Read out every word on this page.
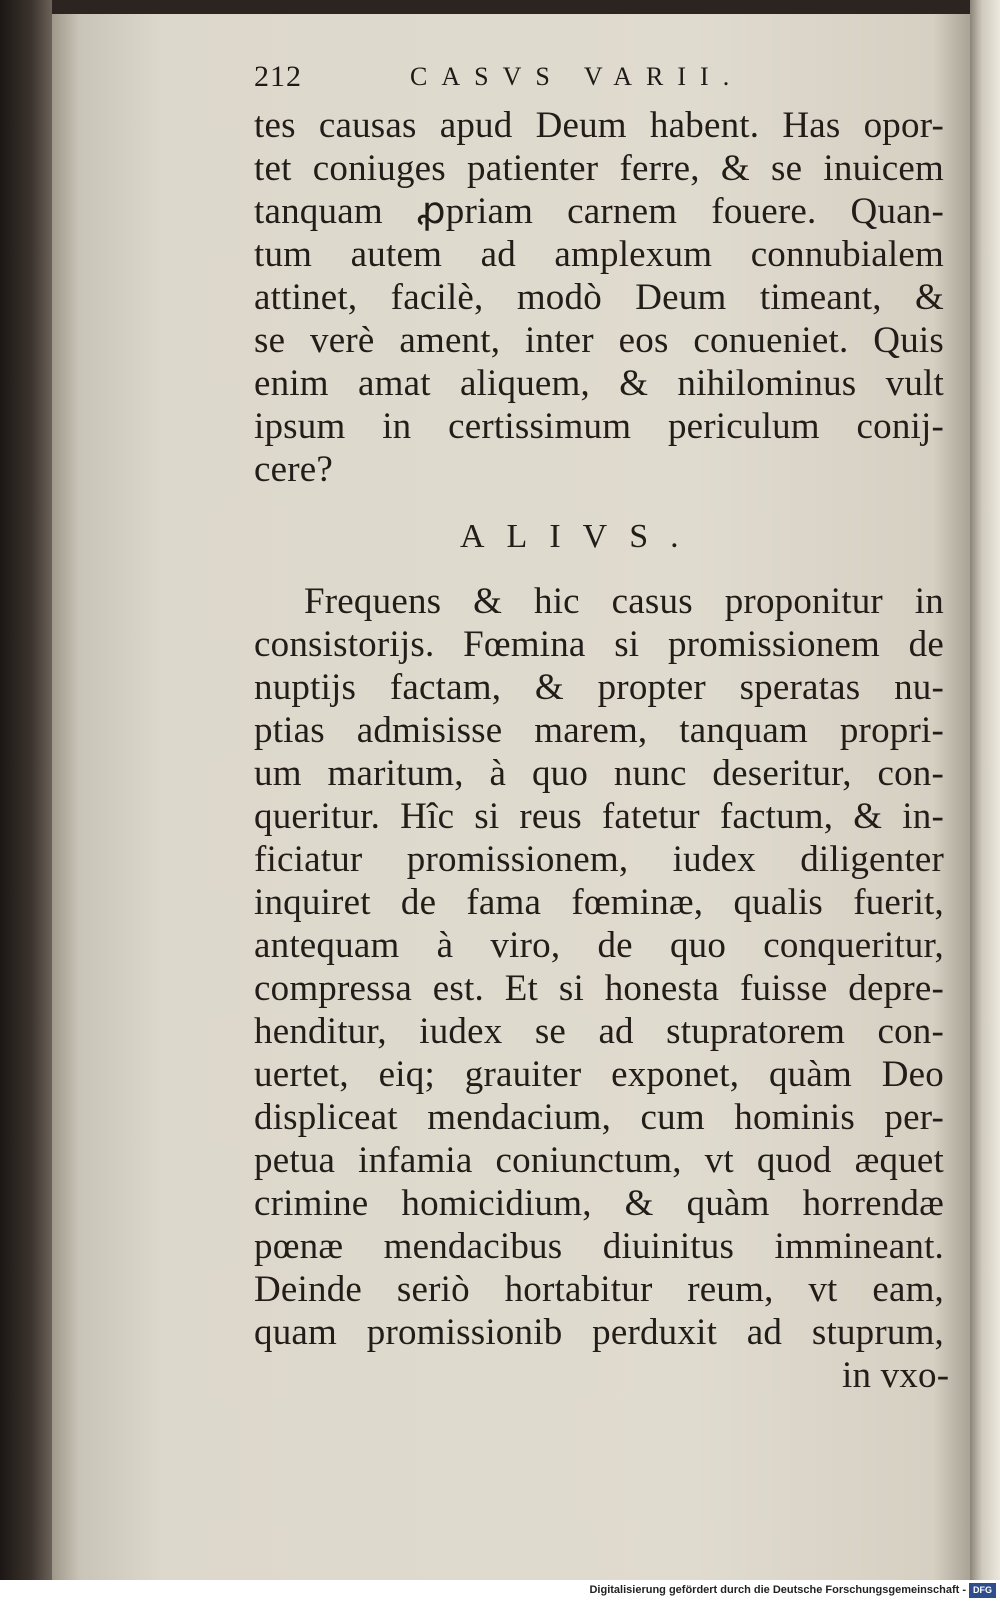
212	CASVS VARII.
tes causas apud Deum habent. Has opor-
tet coniuges patienter ferre, & se inuicem
tanquam ꝓpriam carnem fouere. Quan-
tum autem ad amplexum connubialem
attinet, facilè, modò Deum timeant, &
se verè ament, inter eos conueniet. Quis
enim amat aliquem, & nihilominus vult
ipsum in certissimum periculum conij-
cere?
ALIVS.
Frequens & hic casus proponitur in
consistorijs. Fœmina si promissionem de
nuptijs factam, & propter speratas nu-
ptias admisisse marem, tanquam propri-
um maritum, à quo nunc deseritur, con-
queritur. Hîc si reus fatetur factum, & in-
ficiatur promissionem, iudex diligenter
inquiret de fama fœminæ, qualis fuerit,
antequam à viro, de quo conqueritur,
compressa est. Et si honesta fuisse depre-
henditur, iudex se ad stupratorem con-
uertet, eiq; grauiter exponet, quàm Deo
displiceat mendacium, cum hominis per-
petua infamia coniunctum, vt quod æquet
crimine homicidium, & quàm horrendæ
pœnæ mendacibus diuinitus immineant.
Deinde seriò hortabitur reum, vt eam,
quam promissionib perduxit ad stuprum,
in vxo-
Digitalisierung gefördert durch die Deutsche Forschungsgemeinschaft - DFG
